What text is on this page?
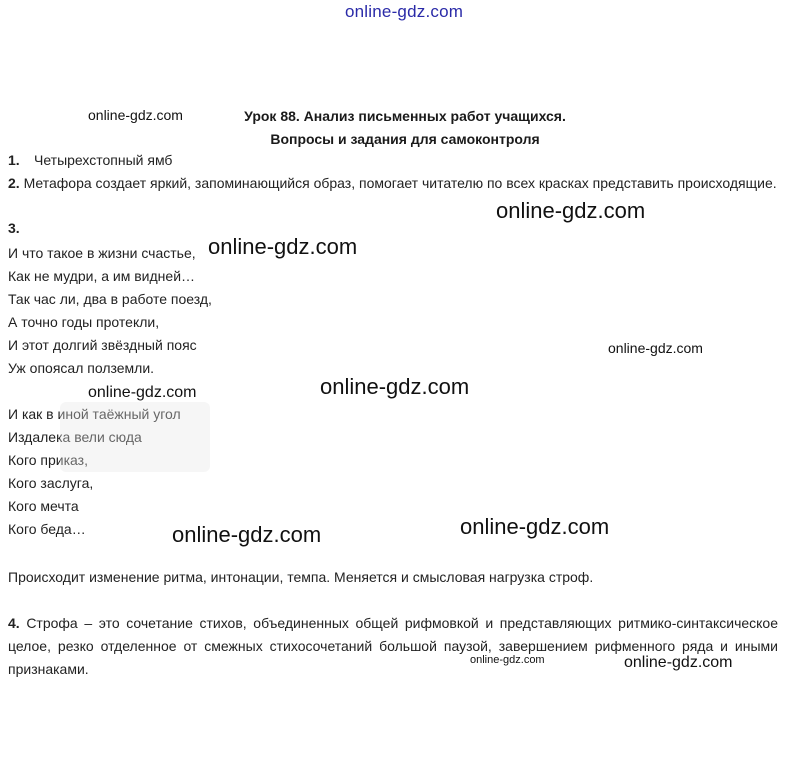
online-gdz.com
online-gdz.com	Урок 88. Анализ письменных работ учащихся.
Вопросы и задания для самоконтроля
1. Четырехстопный ямб
2. Метафора создает яркий, запоминающийся образ, помогает читателю по всех красках представить происходящие.
3.
И что такое в жизни счастье,
Как не мудри, а им видней…
Так час ли, два в работе поезд,
А точно годы протекли,
И этот долгий звёздный пояс
Уж опоясал полземли.
И как в иной таёжный угол
Издалека вели сюда
Кого приказ,
Кого заслуга,
Кого мечта
Кого беда…
Происходит изменение ритма, интонации, темпа. Меняется и смысловая нагрузка строф.
4. Строфа – это сочетание стихов, объединенных общей рифмовкой и представляющих ритмико-синтаксическое целое, резко отделенное от смежных стихосочетаний большой паузой, завершением рифменного ряда и иными признаками.
online-gdz.com
online-gdz.com
online-gdz.com
online-gdz.com
online-gdz.com
online-gdz.com
online-gdz.com
online-gdz.com	online-gdz.com
